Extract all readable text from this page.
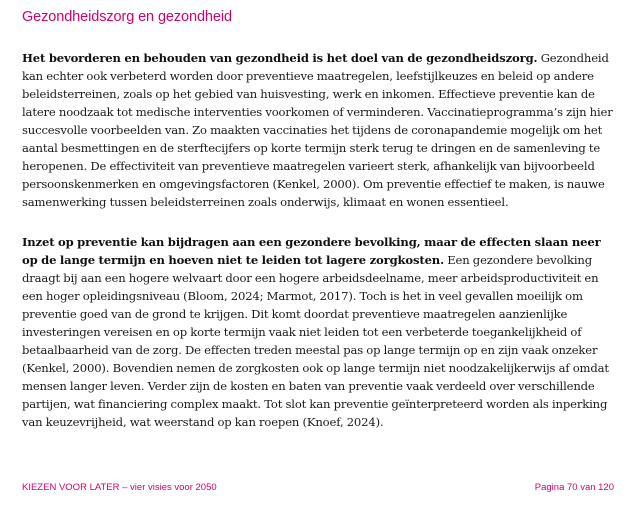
Gezondheidszorg en gezondheid

Het bevorderen en behouden van gezondheid is het doel van de gezondheidszorg. Gezondheid kan echter ook verbeterd worden door preventieve maatregelen, leefstijlkeuzes en beleid op andere beleidsterreinen, zoals op het gebied van huisvesting, werk en inkomen. Effectieve preventie kan de latere noodzaak tot medische interventies voorkomen of verminderen. Vaccinatieprogramma’s zijn hier succesvolle voorbeelden van. Zo maakten vaccinaties het tijdens de coronapandemie mogelijk om het aantal besmettingen en de sterftecijfers op korte termijn sterk terug te dringen en de samenleving te heropenen. De effectiviteit van preventieve maatregelen varieert sterk, afhankelijk van bijvoorbeeld persoonskenmerken en omgevingsfactoren (Kenkel, 2000). Om preventie effectief te maken, is nauwe samenwerking tussen beleidsterreinen zoals onderwijs, klimaat en wonen essentieel.

Inzet op preventie kan bijdragen aan een gezondere bevolking, maar de effecten slaan neer op de lange termijn en hoeven niet te leiden tot lagere zorgkosten. Een gezondere bevolking draagt bij aan een hogere welvaart door een hogere arbeidsdeelname, meer arbeidsproductiviteit en een hoger opleidingsniveau (Bloom, 2024; Marmot, 2017). Toch is het in veel gevallen moeilijk om preventie goed van de grond te krijgen. Dit komt doordat preventieve maatregelen aanzienlijke investeringen vereisen en op korte termijn vaak niet leiden tot een verbeterde toegankelijkheid of betaalbaarheid van de zorg. De effecten treden meestal pas op lange termijn op en zijn vaak onzeker (Kenkel, 2000). Bovendien nemen de zorgkosten ook op lange termijn niet noodzakelijkerwijs af omdat mensen langer leven. Verder zijn de kosten en baten van preventie vaak verdeeld over verschillende partijen, wat financiering complex maakt. Tot slot kan preventie geïnterpreteerd worden als inperking van keuzevrijheid, wat weerstand op kan roepen (Knoef, 2024).

KIEZEN VOOR LATER – vier visies voor 2050	Pagina 70 van 120
